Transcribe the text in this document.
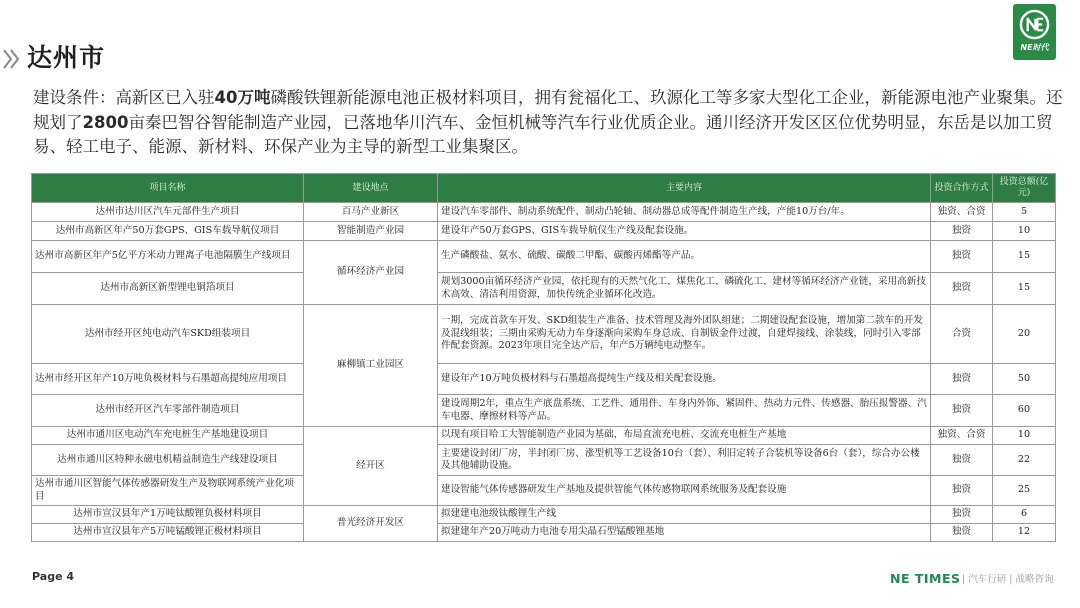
达州市	NE时代
建设条件：高新区已入驻40万吨磷酸铁锂新能源电池正极材料项目，拥有瓮福化工、玖源化工等多家大型化工企业，新能源电池产业聚集。还规划了2800亩秦巴智谷智能制造产业园，已落地华川汽车、金恒机械等汽车行业优质企业。通川经济开发区区位优势明显，东岳是以加工贸易、轻工电子、能源、新材料、环保产业为主导的新型工业集聚区。
项目名称	建设地点	主要内容	投资合作方式	投资总额(亿元)
达州市达川区汽车元部件生产项目	百马产业新区	建设汽车零部件、制动系统配件、制动凸轮轴、制动器总成等配件制造生产线，产能10万台/年。	独资、合资	5
达州市高新区年产50万套GPS、GIS车载导航仪项目	智能制造产业园	建设年产50万套GPS、GIS车载导航仪生产线及配套设施。	独资	10
达州市高新区年产5亿平方米动力锂离子电池隔膜生产线项目	循环经济产业园	生产磷酸盐、氨水、硫酸、碳酸二甲酯、碳酸丙烯酯等产品。	独资	15
达州市高新区新型锂电铜箔项目		规划3000亩循环经济产业园，依托现有的天然气化工、煤焦化工、磷硫化工、建材等循环经济产业链，采用高新技术高效、清洁利用资源，加快传统企业循环化改造。	独资	15
达州市经开区纯电动汽车SKD组装项目	麻柳镇工业园区	一期，完成首款车开发、SKD组装生产准备、技术管理及海外团队组建；二期建设配套设施，增加第二款车的开发及混线组装；三期由采购无动力车身逐渐向采购车身总成、自制钣金件过渡，自建焊接线、涂装线，同时引入零部件配套资源。2023年项目完全达产后，年产5万辆纯电动整车。	合资	20
达州市经开区年产10万吨负极材料与石墨超高提纯应用项目		建设年产10万吨负极材料与石墨超高提纯生产线及相关配套设施。	独资	50
达州市经开区汽车零部件制造项目		建设周期2年，重点生产底盘系统、工艺件、通用件、车身内外饰、紧固件、热动力元件、传感器、胎压报警器、汽车电器、摩擦材料等产品。	独资	60
达州市通川区电动汽车充电桩生产基地建设项目	经开区	以现有项目哈工大智能制造产业园为基础，布局直流充电桩、交流充电桩生产基地	独资、合资	10
达州市通川区特种永磁电机精益制造生产线建设项目		主要建设封闭厂房，半封闭厂房、涨型机等工艺设备10台（套）、利旧定转子合装机等设备6台（套），综合办公楼及其他辅助设施。	独资	22
达州市通川区智能气体传感器研发生产及物联网系统产业化项目		建设智能气体传感器研发生产基地及提供智能气体传感物联网系统服务及配套设施	独资	25
达州市宣汉县年产1万吨钛酸锂负极材料项目	普光经济开发区	拟建建电池级钛酸锂生产线	独资	6
达州市宣汉县年产5万吨锰酸锂正极材料项目		拟建建年产20万吨动力电池专用尖晶石型锰酸锂基地	独资	12
Page 4	NE TIMES | 汽车行研 | 战略咨询
